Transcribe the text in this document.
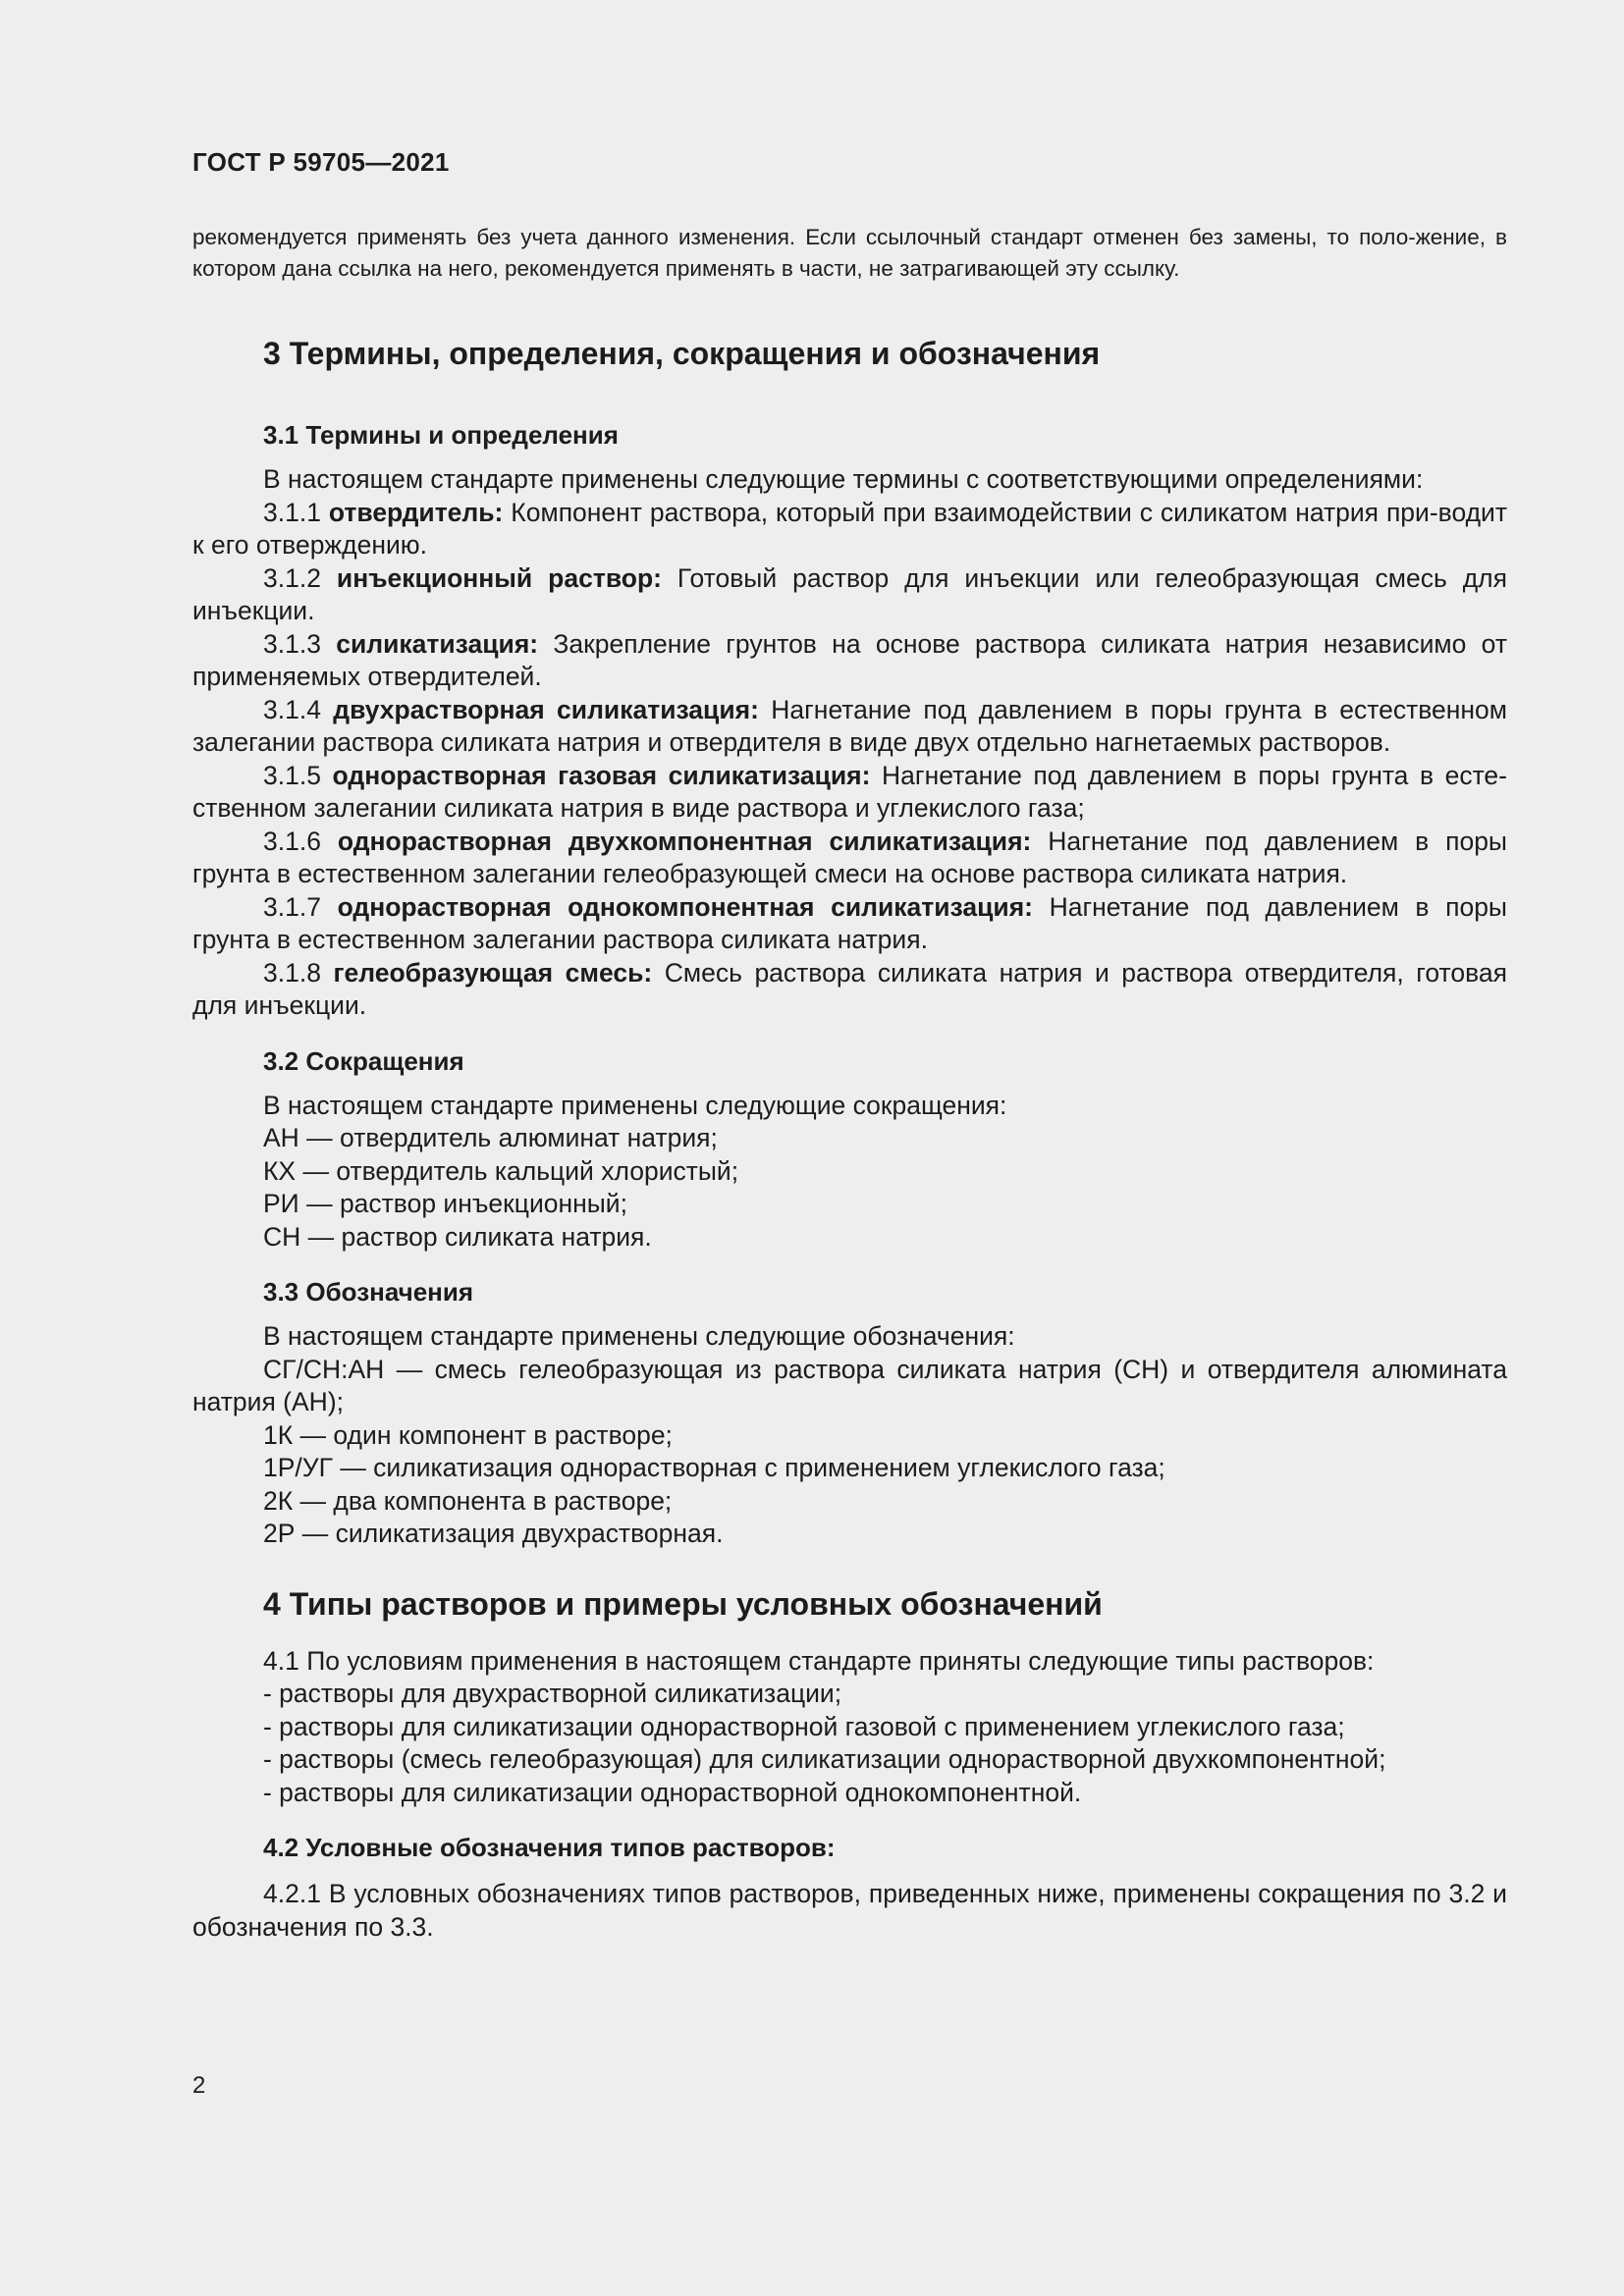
ГОСТ Р 59705—2021
рекомендуется применять без учета данного изменения. Если ссылочный стандарт отменен без замены, то поло-жение, в котором дана ссылка на него, рекомендуется применять в части, не затрагивающей эту ссылку.
3 Термины, определения, сокращения и обозначения
3.1 Термины и определения
В настоящем стандарте применены следующие термины с соответствующими определениями:

3.1.1 отвердитель: Компонент раствора, который при взаимодействии с силикатом натрия при-водит к его отверждению.

3.1.2 инъекционный раствор: Готовый раствор для инъекции или гелеобразующая смесь для инъекции.

3.1.3 силикатизация: Закрепление грунтов на основе раствора силиката натрия независимо от применяемых отвердителей.

3.1.4 двухрастворная силикатизация: Нагнетание под давлением в поры грунта в естественном залегании раствора силиката натрия и отвердителя в виде двух отдельно нагнетаемых растворов.

3.1.5 однорастворная газовая силикатизация: Нагнетание под давлением в поры грунта в есте-ственном залегании силиката натрия в виде раствора и углекислого газа;

3.1.6 однорастворная двухкомпонентная силикатизация: Нагнетание под давлением в поры грунта в естественном залегании гелеобразующей смеси на основе раствора силиката натрия.

3.1.7 однорастворная однокомпонентная силикатизация: Нагнетание под давлением в поры грунта в естественном залегании раствора силиката натрия.

3.1.8 гелеобразующая смесь: Смесь раствора силиката натрия и раствора отвердителя, готовая для инъекции.

3.2 Сокращения
В настоящем стандарте применены следующие сокращения:
АН — отвердитель алюминат натрия;
КХ — отвердитель кальций хлористый;
РИ — раствор инъекционный;
СН — раствор силиката натрия.
3.3 Обозначения
В настоящем стандарте применены следующие обозначения:

СГ/СН:АН — смесь гелеобразующая из раствора силиката натрия (СН) и отвердителя алюмината натрия (АН);

1К — один компонент в растворе;
1Р/УГ — силикатизация однорастворная с применением углекислого газа;
2К — два компонента в растворе;
2Р — силикатизация двухрастворная.
4 Типы растворов и примеры условных обозначений
4.1 По условиям применения в настоящем стандарте приняты следующие типы растворов:
- растворы для двухрастворной силикатизации;
- растворы для силикатизации однорастворной газовой с применением углекислого газа;
- растворы (смесь гелеобразующая) для силикатизации однорастворной двухкомпонентной;
- растворы для силикатизации однорастворной однокомпонентной.
4.2 Условные обозначения типов растворов:

4.2.1 В условных обозначениях типов растворов, приведенных ниже, применены сокращения по 3.2 и обозначения по 3.3.

2
